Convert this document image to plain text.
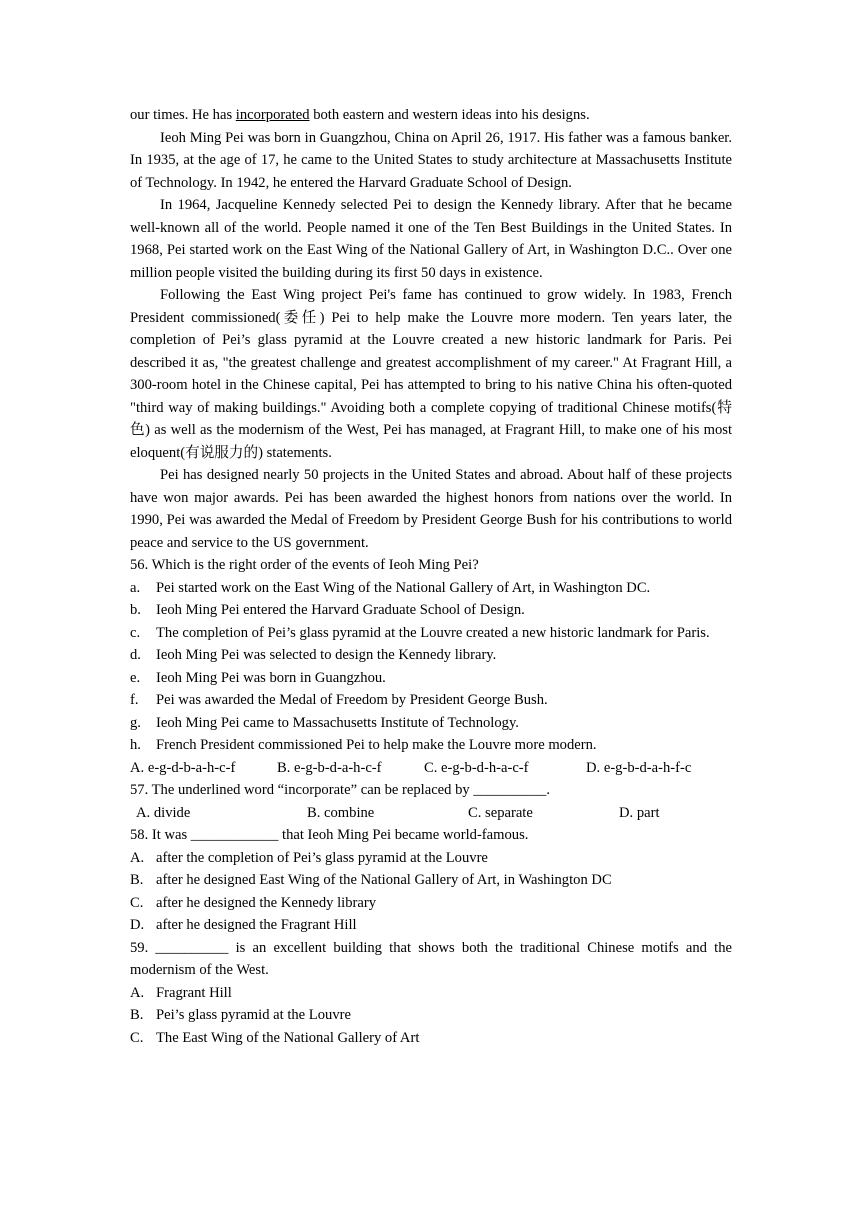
our times. He has incorporated both eastern and western ideas into his designs.

Ieoh Ming Pei was born in Guangzhou, China on April 26, 1917. His father was a famous banker. In 1935, at the age of 17, he came to the United States to study architecture at Massachusetts Institute of Technology. In 1942, he entered the Harvard Graduate School of Design.

In 1964, Jacqueline Kennedy selected Pei to design the Kennedy library. After that he became well-known all of the world. People named it one of the Ten Best Buildings in the United States. In 1968, Pei started work on the East Wing of the National Gallery of Art, in Washington D.C.. Over one million people visited the building during its first 50 days in existence.

Following the East Wing project Pei's fame has continued to grow widely. In 1983, French President commissioned(委任) Pei to help make the Louvre more modern. Ten years later, the completion of Pei’s glass pyramid at the Louvre created a new historic landmark for Paris. Pei described it as, "the greatest challenge and greatest accomplishment of my career." At Fragrant Hill, a 300-room hotel in the Chinese capital, Pei has attempted to bring to his native China his often-quoted "third way of making buildings." Avoiding both a complete copying of traditional Chinese motifs(特色) as well as the modernism of the West, Pei has managed, at Fragrant Hill, to make one of his most eloquent(有说服力的) statements.

Pei has designed nearly 50 projects in the United States and abroad. About half of these projects have won major awards. Pei has been awarded the highest honors from nations over the world. In 1990, Pei was awarded the Medal of Freedom by President George Bush for his contributions to world peace and service to the US government.

56. Which is the right order of the events of Ieoh Ming Pei?

a.	Pei started work on the East Wing of the National Gallery of Art, in Washington DC.
b.	Ieoh Ming Pei entered the Harvard Graduate School of Design.
c.	The completion of Pei’s glass pyramid at the Louvre created a new historic landmark for Paris.
d.	Ieoh Ming Pei was selected to design the Kennedy library.
e.	Ieoh Ming Pei was born in Guangzhou.
f.	Pei was awarded the Medal of Freedom by President George Bush.
g.	Ieoh Ming Pei came to Massachusetts Institute of Technology.
h.	French President commissioned Pei to help make the Louvre more modern.
A. e-g-d-b-a-h-c-f	B. e-g-b-d-a-h-c-f	C. e-g-b-d-h-a-c-f	D. e-g-b-d-a-h-f-c

57. The underlined word “incorporate” can be replaced by __________.

A. divide	B. combine	C. separate	D. part

58. It was ____________ that Ieoh Ming Pei became world-famous.

A. after the completion of Pei’s glass pyramid at the Louvre
B. after he designed East Wing of the National Gallery of Art, in Washington DC
C. after he designed the Kennedy library
D. after he designed the Fragrant Hill

59. __________ is an excellent building that shows both the traditional Chinese motifs and the modernism of the West.

A. Fragrant Hill
B. Pei’s glass pyramid at the Louvre
C. The East Wing of the National Gallery of Art
